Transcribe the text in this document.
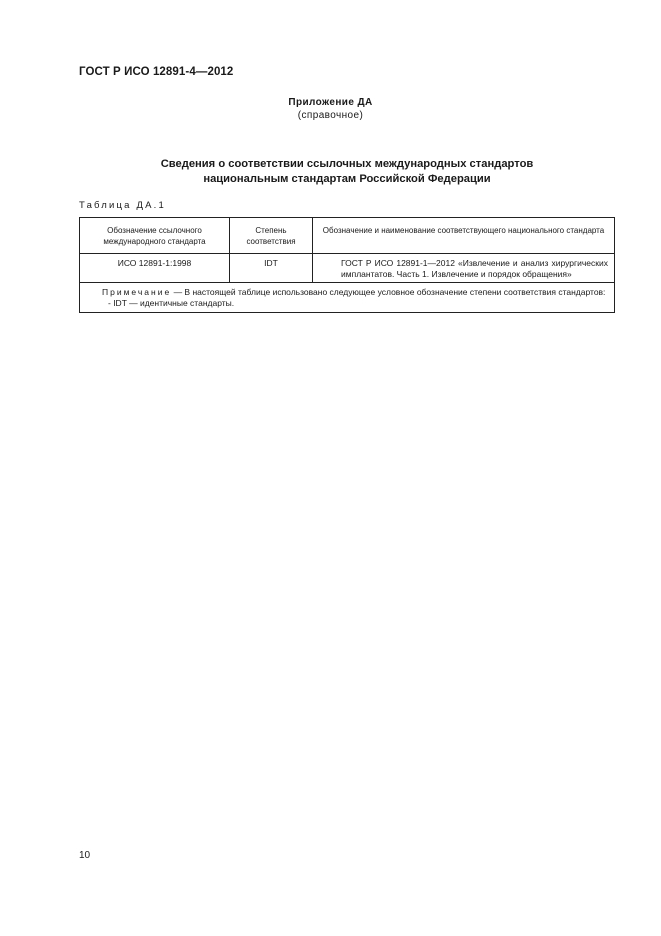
ГОСТ Р ИСО 12891-4—2012
Приложение ДА
(справочное)
Сведения о соответствии ссылочных международных стандартов
национальным стандартам Российской Федерации
Таблица ДА.1
Обозначение ссылочного международного стандарта	Степень соответствия	Обозначение и наименование соответствующего национального стандарта
ИСО 12891-1:1998	IDT	ГОСТ Р ИСО 12891-1—2012 «Извлечение и анализ хирургических имплантатов. Часть 1. Извлечение и порядок обращения»

Примечание — В настоящей таблице использовано следующее условное обозначение степени соответствия стандартов:
- IDT — идентичные стандарты.		
10
